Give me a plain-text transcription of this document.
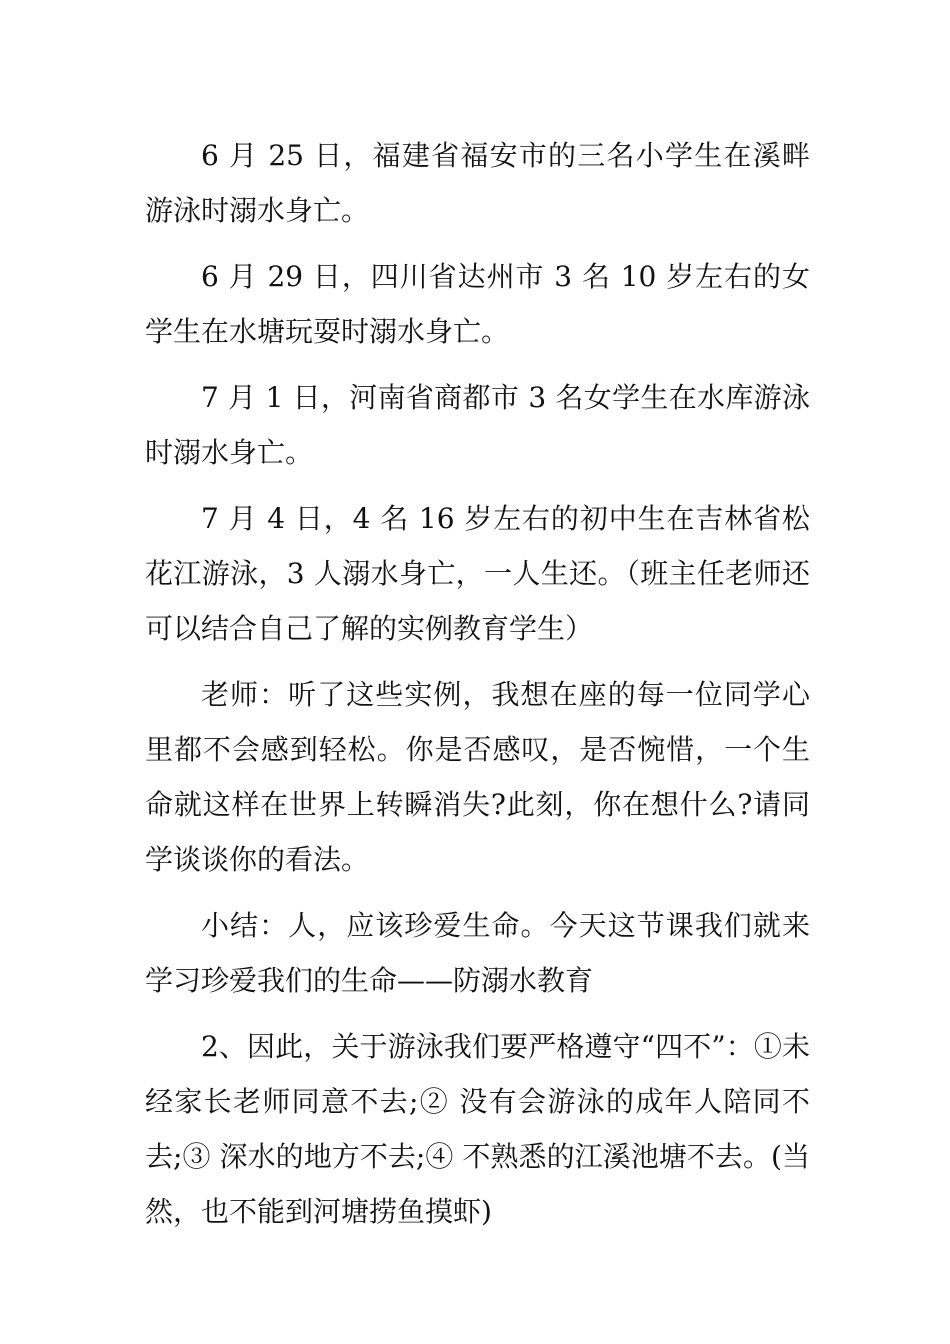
6 月 25 日，福建省福安市的三名小学生在溪畔游泳时溺水身亡。

6 月 29 日，四川省达州市 3 名 10 岁左右的女学生在水塘玩耍时溺水身亡。

7 月 1 日，河南省商都市 3 名女学生在水库游泳时溺水身亡。

7 月 4 日，4 名 16 岁左右的初中生在吉林省松花江游泳，3 人溺水身亡，一人生还。（班主任老师还可以结合自己了解的实例教育学生）

老师：听了这些实例，我想在座的每一位同学心里都不会感到轻松。你是否感叹，是否惋惜，一个生命就这样在世界上转瞬消失?此刻，你在想什么?请同学谈谈你的看法。

小结：人，应该珍爱生命。今天这节课我们就来学习珍爱我们的生命——防溺水教育

2、因此，关于游泳我们要严格遵守“四不”：①未经家长老师同意不去;② 没有会游泳的成年人陪同不去;③ 深水的地方不去;④ 不熟悉的江溪池塘不去。(当然，也不能到河塘捞鱼摸虾)
